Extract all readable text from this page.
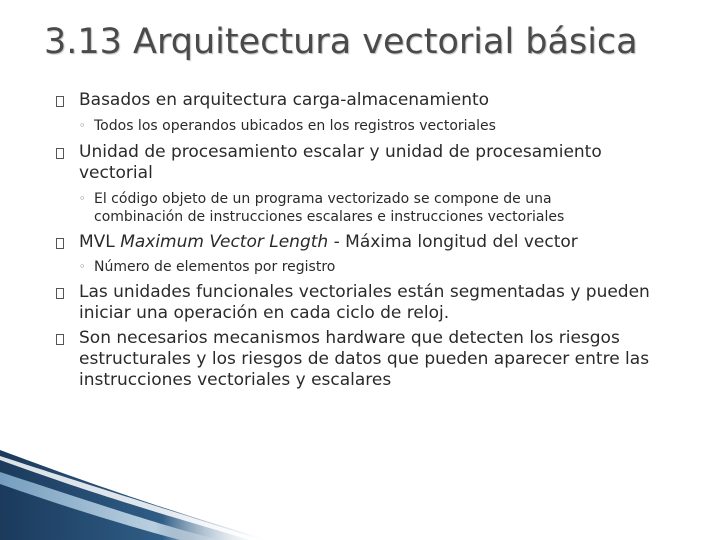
3.13 Arquitectura vectorial básica
Basados en arquitectura carga-almacenamiento
◦ Todos los operandos ubicados en los registros vectoriales
Unidad de procesamiento escalar y unidad de procesamiento vectorial
◦ El código objeto de un programa vectorizado se compone de una combinación de instrucciones escalares e instrucciones vectoriales
MVL Maximum Vector Length - Máxima longitud del vector
◦ Número de elementos por registro
Las unidades funcionales vectoriales están segmentadas y pueden iniciar una operación en cada ciclo de reloj.
Son necesarios mecanismos hardware que detecten los riesgos estructurales y los riesgos de datos que pueden aparecer entre las instrucciones vectoriales y escalares
